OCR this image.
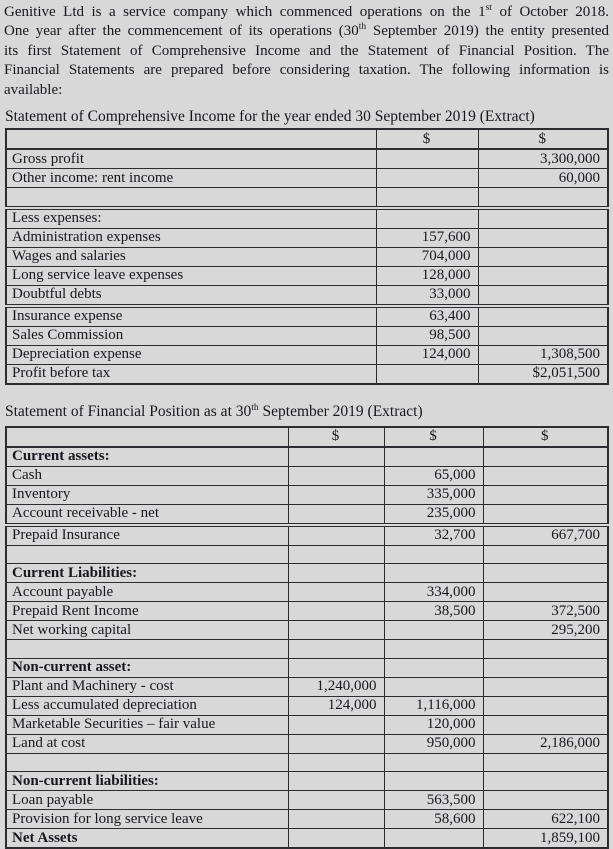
Genitive Ltd is a service company which commenced operations on the 1st of October 2018.
One year after the commencement of its operations (30th September 2019) the entity presented
its first Statement of Comprehensive Income and the Statement of Financial Position. The
Financial Statements are prepared before considering taxation. The following information is
available:
Statement of Comprehensive Income for the year ended 30 September 2019 (Extract)
	$	$
Gross profit		3,300,000
Other income: rent income		60,000

Less expenses:		
Administration expenses	157,600	
Wages and salaries	704,000	
Long service leave expenses	128,000	
Doubtful debts	33,000	
Insurance expense	63,400	
Sales Commission	98,500	
Depreciation expense	124,000	1,308,500
Profit before tax		$2,051,500
Statement of Financial Position as at 30th September 2019 (Extract)
	$	$	$
Current assets:			
Cash		65,000	
Inventory		335,000	
Account receivable - net		235,000	
Prepaid Insurance		32,700	667,700

Current Liabilities:			
Account payable		334,000	
Prepaid Rent Income		38,500	372,500
Net working capital			295,200

Non-current asset:			
Plant and Machinery - cost	1,240,000		
Less accumulated depreciation	124,000	1,116,000	
Marketable Securities – fair value		120,000	
Land at cost		950,000	2,186,000

Non-current liabilities:			
Loan payable		563,500	
Provision for long service leave		58,600	622,100
Net Assets			1,859,100
